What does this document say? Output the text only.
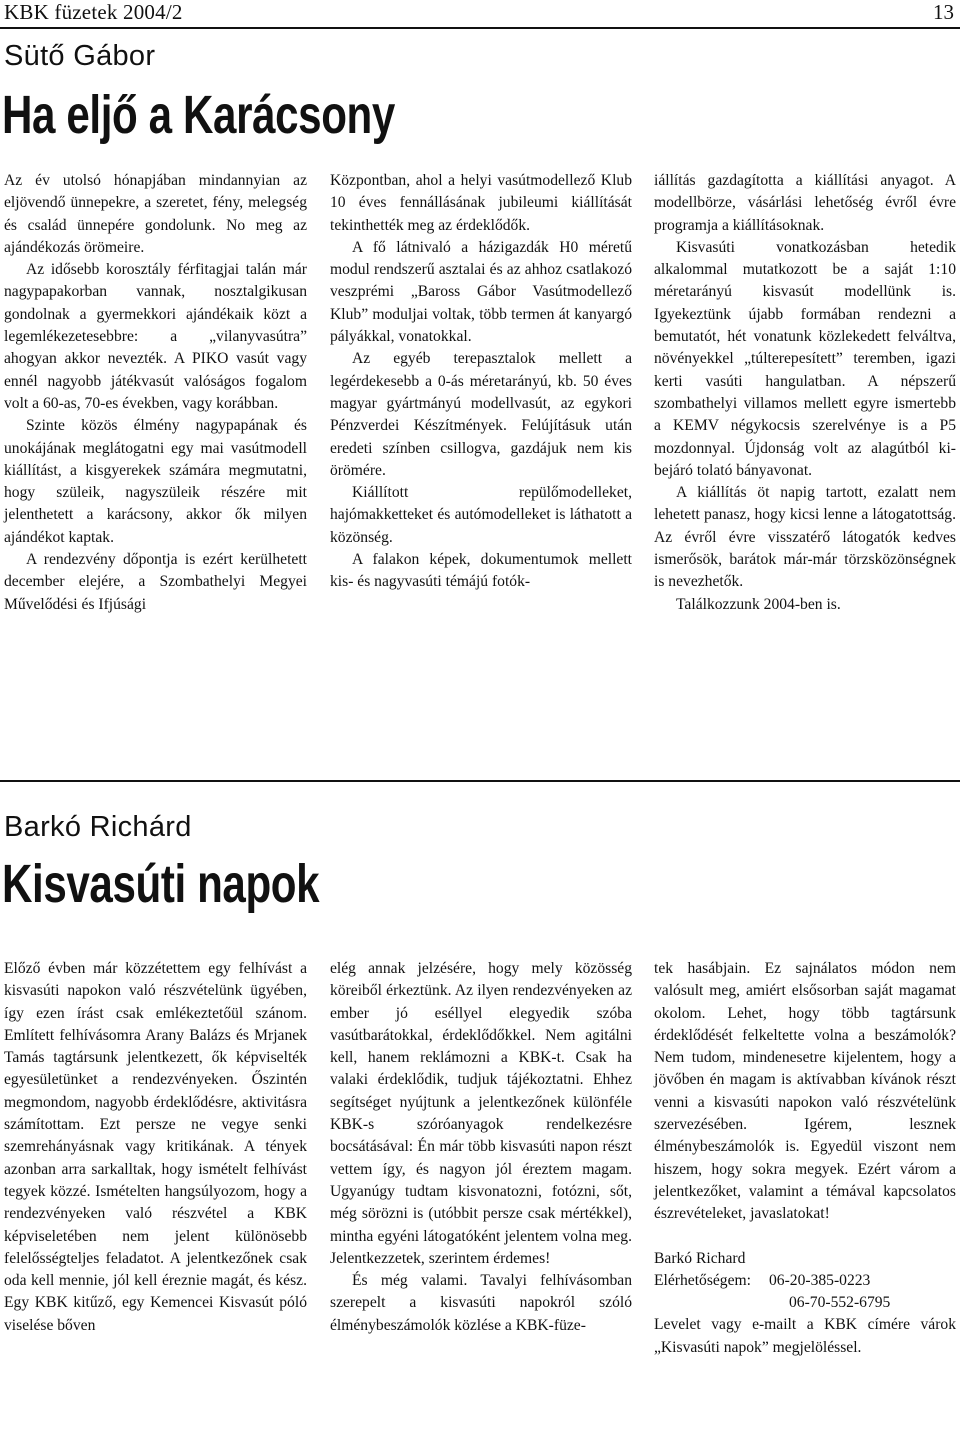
KBK füzetek 2004/2	13
Sütő Gábor
Ha eljő a Karácsony

Az év utolsó hónapjában mindannyian az eljövendő ünnepekre, a szeretet, fény, melegség és család ünnepére gondolunk. No meg az ajándékozás örömeire.

Az idősebb korosztály férfitagjai talán már nagypapakorban vannak, nosztalgikusan gondolnak a gyermekkori ajándékaik közt a legemlékezetesebbre: a „vilanyvasútra” ahogyan akkor nevezték. A PIKO vasút vagy ennél nagyobb játékvasút valóságos fogalom volt a 60-as, 70-es években, vagy korábban.

Szinte közös élmény nagypapának és unokájának meglátogatni egy mai vasútmodell kiállítást, a kisgyerekek számára megmutatni, hogy szüleik, nagyszüleik részére mit jelenthetett a karácsony, akkor ők milyen ajándékot kaptak.

A rendezvény dőpontja is ezért kerülhetett december elejére, a Szombathelyi Megyei Művelődési és Ifjúsági

Központban, ahol a helyi vasútmodellező Klub 10 éves fennállásának jubileumi kiállítását tekinthették meg az érdeklődők.

A fő látnivaló a házigazdák H0 méretű modul rendszerű asztalai és az ahhoz csatlakozó veszprémi „Baross Gábor Vasútmodellező Klub” moduljai voltak, több termen át kanyargó pályákkal, vonatokkal.

Az egyéb terepasztalok mellett a legérdekesebb a 0-ás méretarányú, kb. 50 éves magyar gyártmányú modellvasút, az egykori Pénzverdei Készítmények. Felújításuk után eredeti színben csillogva, gazdájuk nem kis örömére.

Kiállított repülőmodelleket, hajómakketteket és autómodelleket is láthatott a közönség.

A falakon képek, dokumentumok mellett kis- és nagyvasúti témájú fotók-

iállítás gazdagította a kiállítási anyagot. A modellbörze, vásárlási lehetőség évről évre programja a kiállításoknak.

Kisvasúti vonatkozásban hetedik alkalommal mutatkozott be a saját 1:10 méretarányú kisvasút modellünk is. Igyekeztünk újabb formában rendezni a bemutatót, hét vonatunk közlekedett felváltva, növényekkel „túlterepesített” teremben, igazi kerti vasúti hangulatban. A népszerű szombathelyi villamos mellett egyre ismertebb a KEMV négykocsis szerelvénye is a P5 mozdonnyal. Újdonság volt az alagútból ki-bejáró tolató bányavonat.

A kiállítás öt napig tartott, ezalatt nem lehetett panasz, hogy kicsi lenne a látogatottság. Az évről évre visszatérő látogatók kedves ismerősök, barátok már-már törzsközönségnek is nevezhetők.

Találkozzunk 2004-ben is.

Barkó Richárd
Kisvasúti napok

Előző évben már közzétettem egy felhívást a kisvasúti napokon való részvételünk ügyében, így ezen írást csak emlékeztetőül szánom. Említett felhívásomra Arany Balázs és Mrjanek Tamás tagtársunk jelentkezett, ők képviselték egyesületünket a rendezvényeken. Őszintén megmondom, nagyobb érdeklődésre, aktivitásra számítottam. Ezt persze ne vegye senki szemrehányásnak vagy kritikának. A tények azonban arra sarkalltak, hogy ismételt felhívást tegyek közzé. Ismételten hangsúlyozom, hogy a rendezvényeken való részvétel a KBK képviseletében nem jelent különösebb felelősségteljes feladatot. A jelentkezőnek csak oda kell mennie, jól kell éreznie magát, és kész. Egy KBK kitűző, egy Kemencei Kisvasút póló viselése bőven

elég annak jelzésére, hogy mely közösség köreiből érkeztünk. Az ilyen rendezvényeken az ember jó eséllyel elegyedik szóba vasútbarátokkal, érdeklődőkkel. Nem agitálni kell, hanem reklámozni a KBK-t. Csak ha valaki érdeklődik, tudjuk tájékoztatni. Ehhez segítséget nyújtunk a jelentkezőnek különféle KBK-s szóróanyagok rendelkezésre bocsátásával: Én már több kisvasúti napon részt vettem így, és nagyon jól éreztem magam. Ugyanúgy tudtam kisvonatozni, fotózni, sőt, még sörözni is (utóbbit persze csak mértékkel), mintha egyéni látogatóként jelentem volna meg. Jelentkezzetek, szerintem érdemes!

És még valami. Tavalyi felhívásomban szerepelt a kisvasúti napokról szóló élménybeszámolók közlése a KBK-füze-

tek hasábjain. Ez sajnálatos módon nem valósult meg, amiért elsősorban saját magamat okolom. Lehet, hogy több tagtársunk érdeklődését felkeltette volna a beszámolók? Nem tudom, mindenesetre kijelentem, hogy a jövőben én magam is aktívabban kívánok részt venni a kisvasúti napokon való részvételünk szervezésében. Igérem, lesznek élménybeszámolók is. Egyedül viszont nem hiszem, hogy sokra megyek. Ezért várom a jelentkezőket, valamint a témával kapcsolatos észrevételeket, javaslatokat!

Barkó Richard
Elérhetőségem: 06-20-385-0223
06-70-552-6795

Levelet vagy e-mailt a KBK címére várok „Kisvasúti napok” megjelöléssel.
